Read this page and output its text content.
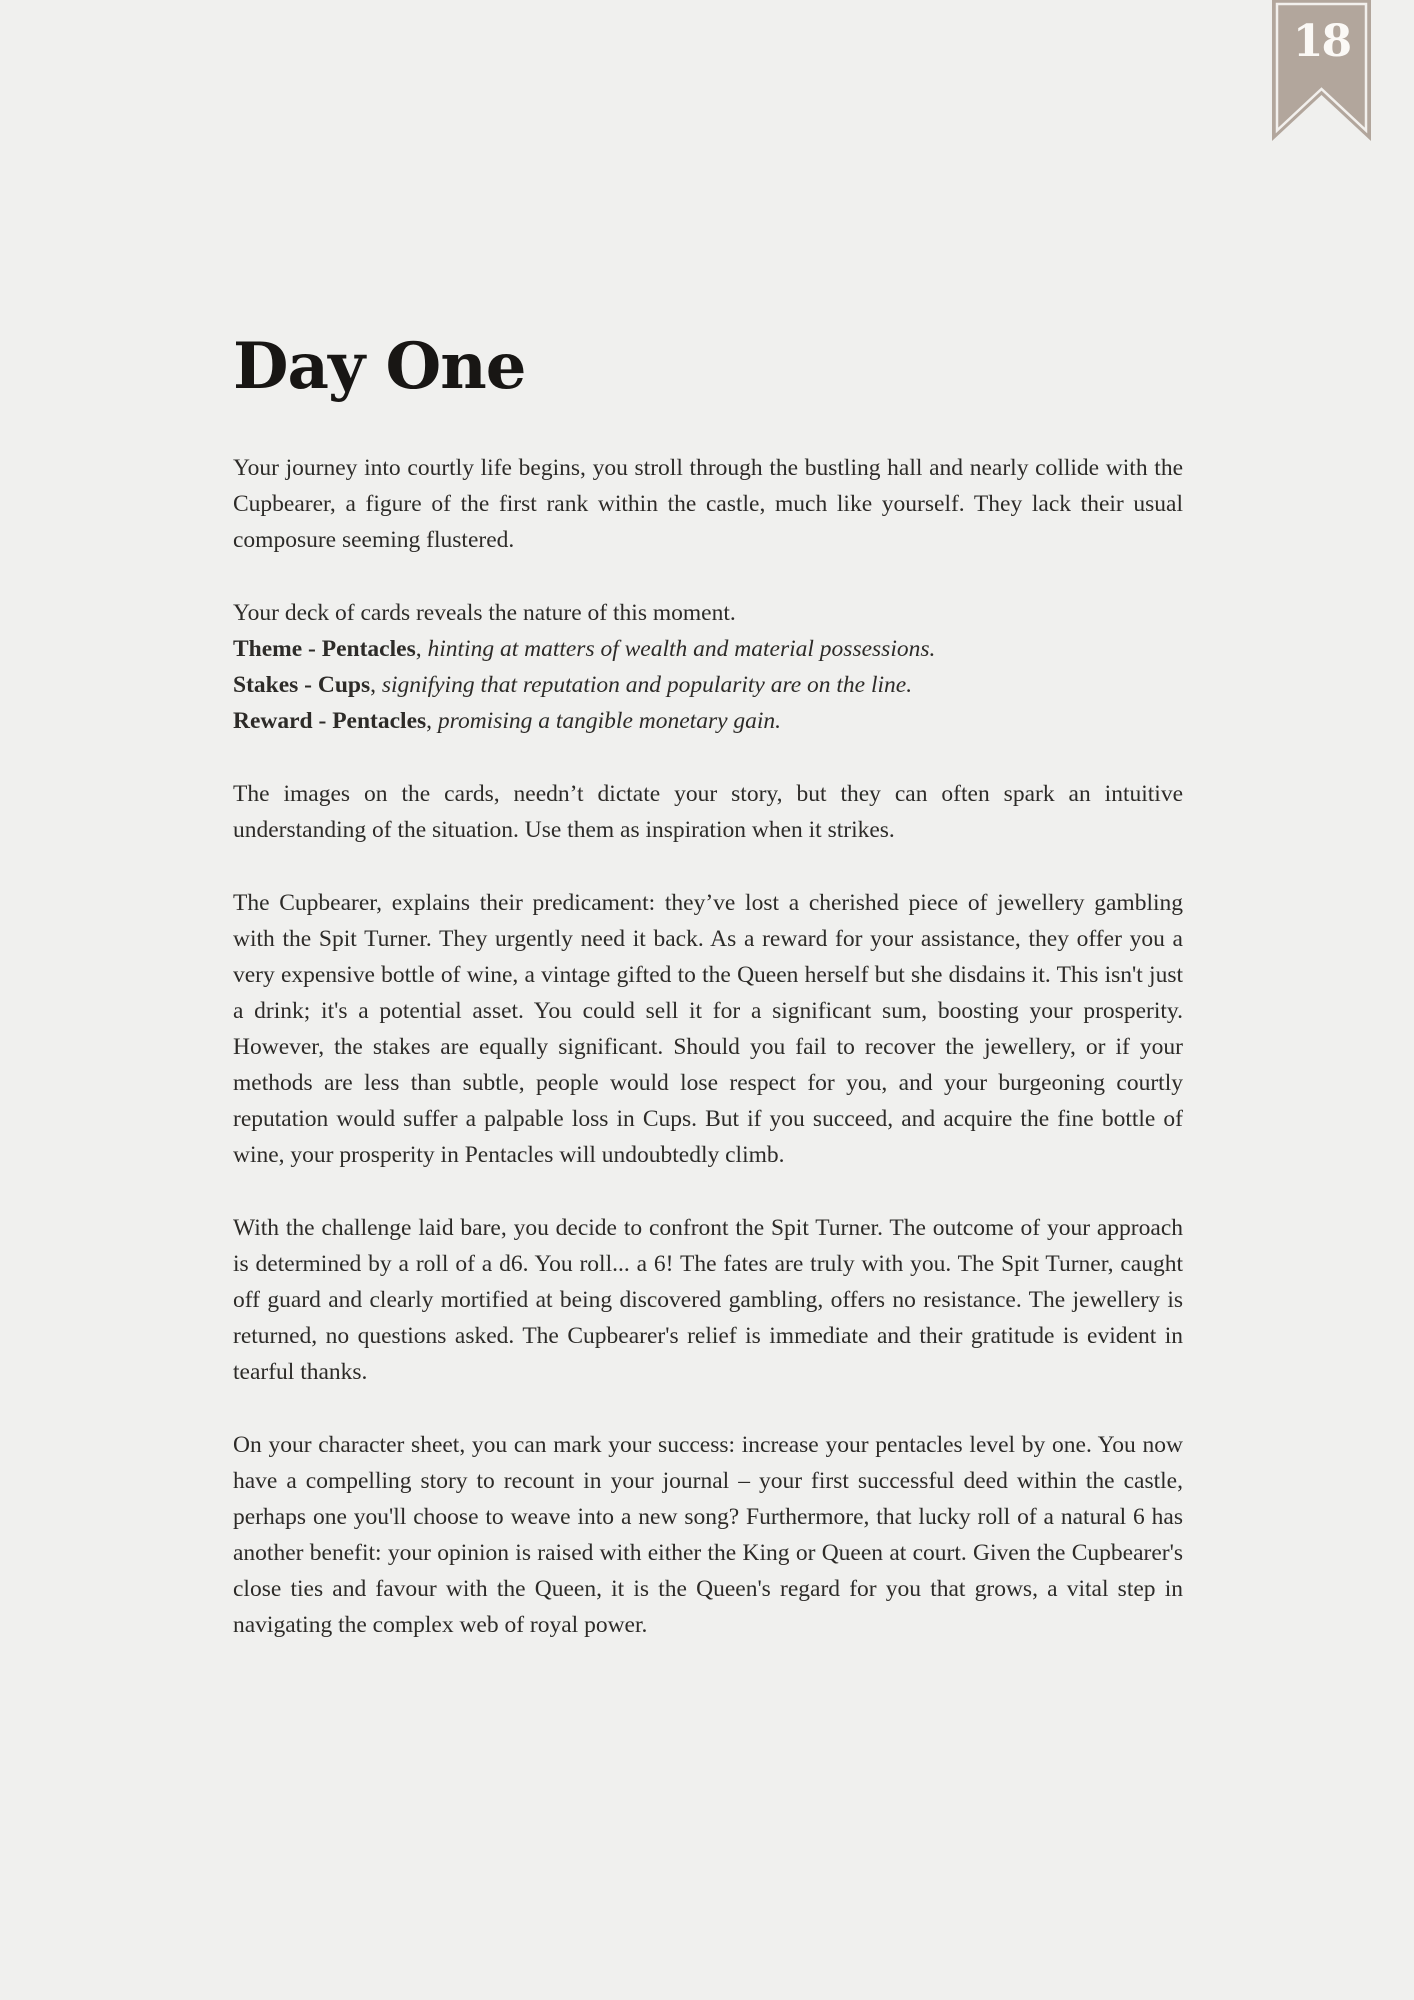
18
Day One

Your journey into courtly life begins, you stroll through the bustling hall and nearly collide with the Cupbearer, a figure of the first rank within the castle, much like yourself. They lack their usual composure seeming flustered.

Your deck of cards reveals the nature of this moment.

Theme - Pentacles, hinting at matters of wealth and material possessions.

Stakes - Cups, signifying that reputation and popularity are on the line.

Reward - Pentacles, promising a tangible monetary gain.

The images on the cards, needn’t dictate your story, but they can often spark an intuitive understanding of the situation. Use them as inspiration when it strikes.

The Cupbearer, explains their predicament: they’ve lost a cherished piece of jewellery gambling with the Spit Turner. They urgently need it back. As a reward for your assistance, they offer you a very expensive bottle of wine, a vintage gifted to the Queen herself but she disdains it. This isn't just a drink; it's a potential asset. You could sell it for a significant sum, boosting your prosperity. However, the stakes are equally significant. Should you fail to recover the jewellery, or if your methods are less than subtle, people would lose respect for you, and your burgeoning courtly reputation would suffer a palpable loss in Cups. But if you succeed, and acquire the fine bottle of wine, your prosperity in Pentacles will undoubtedly climb.

With the challenge laid bare, you decide to confront the Spit Turner. The outcome of your approach is determined by a roll of a d6. You roll... a 6! The fates are truly with you. The Spit Turner, caught off guard and clearly mortified at being discovered gambling, offers no resistance. The jewellery is returned, no questions asked. The Cupbearer's relief is immediate and their gratitude is evident in tearful thanks.

On your character sheet, you can mark your success: increase your pentacles level by one. You now have a compelling story to recount in your journal – your first successful deed within the castle, perhaps one you'll choose to weave into a new song? Furthermore, that lucky roll of a natural 6 has another benefit: your opinion is raised with either the King or Queen at court. Given the Cupbearer's close ties and favour with the Queen, it is the Queen's regard for you that grows, a vital step in navigating the complex web of royal power.
